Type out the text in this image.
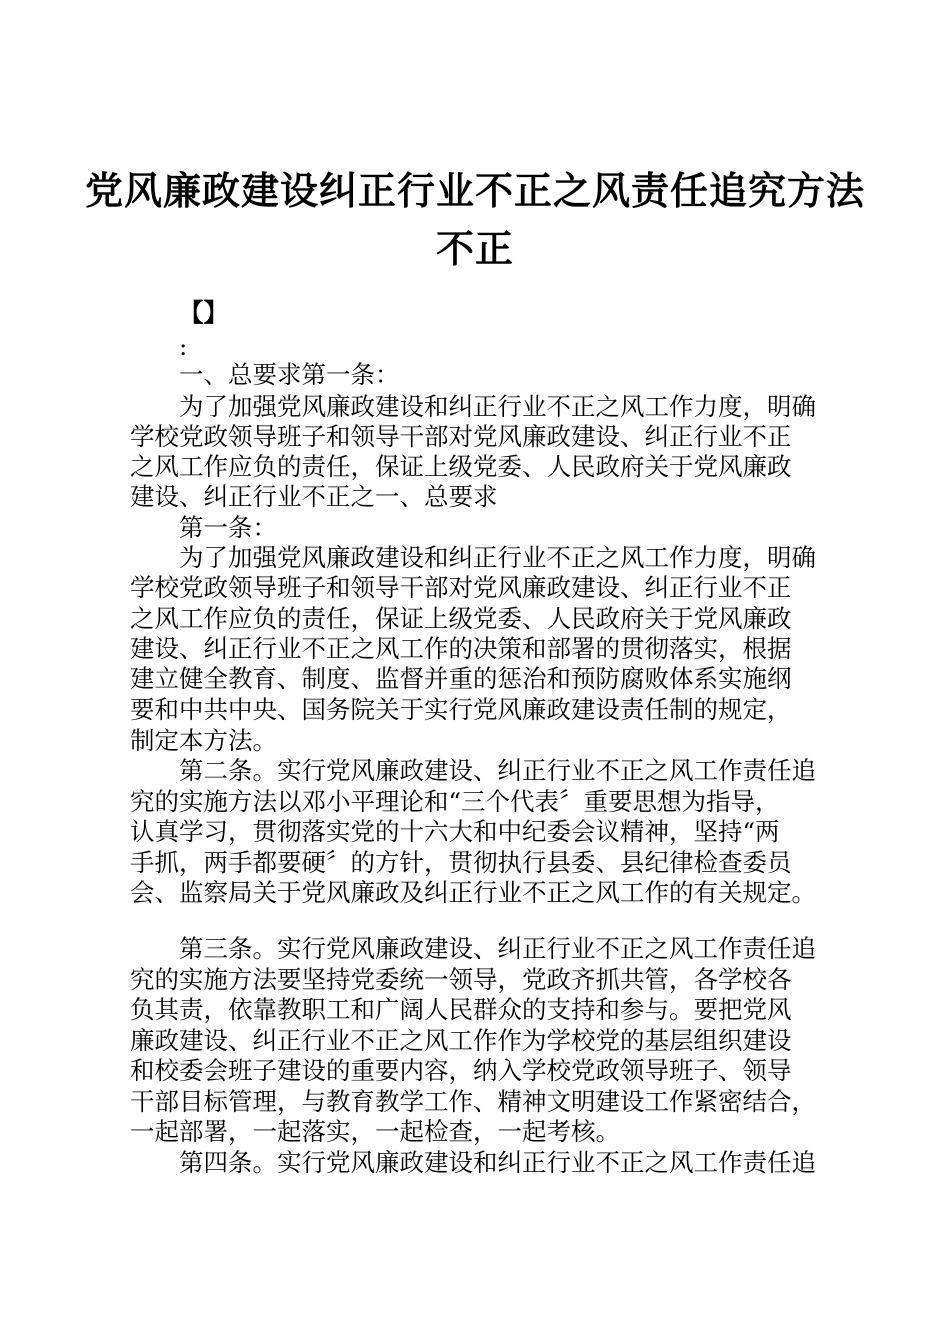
党风廉政建设纠正行业不正之风责任追究方法
不正
【】
:
一、总要求第一条：
为了加强党风廉政建设和纠正行业不正之风工作力度，明确
学校党政领导班子和领导干部对党风廉政建设、纠正行业不正
之风工作应负的责任，保证上级党委、人民政府关于党风廉政
建设、纠正行业不正之一、总要求
第一条：
为了加强党风廉政建设和纠正行业不正之风工作力度，明确
学校党政领导班子和领导干部对党风廉政建设、纠正行业不正
之风工作应负的责任，保证上级党委、人民政府关于党风廉政
建设、纠正行业不正之风工作的决策和部署的贯彻落实，根据
建立健全教育、制度、监督并重的惩治和预防腐败体系实施纲
要和中共中央、国务院关于实行党风廉政建设责任制的规定，
制定本方法。
第二条。实行党风廉政建设、纠正行业不正之风工作责任追
究的实施方法以邓小平理论和“三个代表〞重要思想为指导，
认真学习，贯彻落实党的十六大和中纪委会议精神，坚持“两
手抓，两手都要硬〞的方针，贯彻执行县委、县纪律检查委员
会、监察局关于党风廉政及纠正行业不正之风工作的有关规定。
第三条。实行党风廉政建设、纠正行业不正之风工作责任追
究的实施方法要坚持党委统一领导，党政齐抓共管，各学校各
负其责，依靠教职工和广阔人民群众的支持和参与。要把党风
廉政建设、纠正行业不正之风工作作为学校党的基层组织建设
和校委会班子建设的重要内容，纳入学校党政领导班子、领导
干部目标管理，与教育教学工作、精神文明建设工作紧密结合，
一起部署，一起落实，一起检查，一起考核。
第四条。实行党风廉政建设和纠正行业不正之风工作责任追
